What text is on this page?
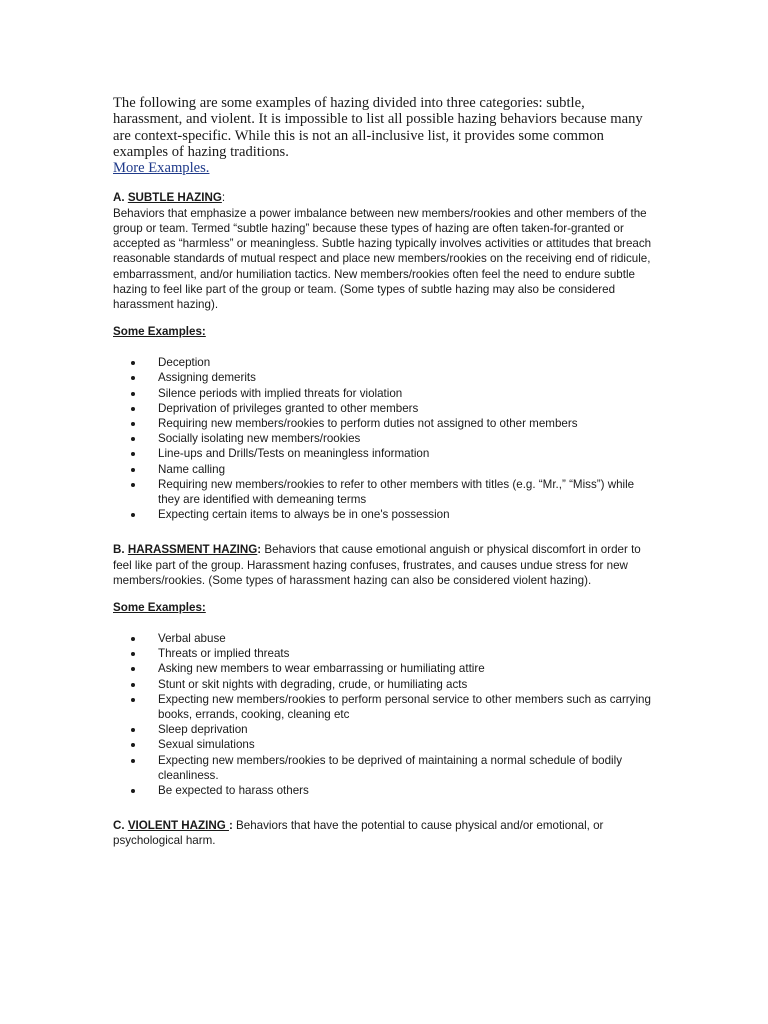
The following are some examples of hazing divided into three categories: subtle, harassment, and violent. It is impossible to list all possible hazing behaviors because many are context-specific. While this is not an all-inclusive list, it provides some common examples of hazing traditions.

More Examples.
A. SUBTLE HAZING:

Behaviors that emphasize a power imbalance between new members/rookies and other members of the group or team. Termed “subtle hazing” because these types of hazing are often taken-for-granted or accepted as “harmless” or meaningless. Subtle hazing typically involves activities or attitudes that breach reasonable standards of mutual respect and place new members/rookies on the receiving end of ridicule, embarrassment, and/or humiliation tactics. New members/rookies often feel the need to endure subtle hazing to feel like part of the group or team. (Some types of subtle hazing may also be considered harassment hazing).

Some Examples:
Deception
Assigning demerits
Silence periods with implied threats for violation
Deprivation of privileges granted to other members
Requiring new members/rookies to perform duties not assigned to other members
Socially isolating new members/rookies
Line-ups and Drills/Tests on meaningless information
Name calling
Requiring new members/rookies to refer to other members with titles (e.g. “Mr.,” “Miss”) while they are identified with demeaning terms
Expecting certain items to always be in one's possession

B. HARASSMENT HAZING: Behaviors that cause emotional anguish or physical discomfort in order to feel like part of the group. Harassment hazing confuses, frustrates, and causes undue stress for new members/rookies. (Some types of harassment hazing can also be considered violent hazing).

Some Examples:
Verbal abuse
Threats or implied threats
Asking new members to wear embarrassing or humiliating attire
Stunt or skit nights with degrading, crude, or humiliating acts
Expecting new members/rookies to perform personal service to other members such as carrying books, errands, cooking, cleaning etc
Sleep deprivation
Sexual simulations
Expecting new members/rookies to be deprived of maintaining a normal schedule of bodily cleanliness.
Be expected to harass others

C. VIOLENT HAZING : Behaviors that have the potential to cause physical and/or emotional, or psychological harm.
